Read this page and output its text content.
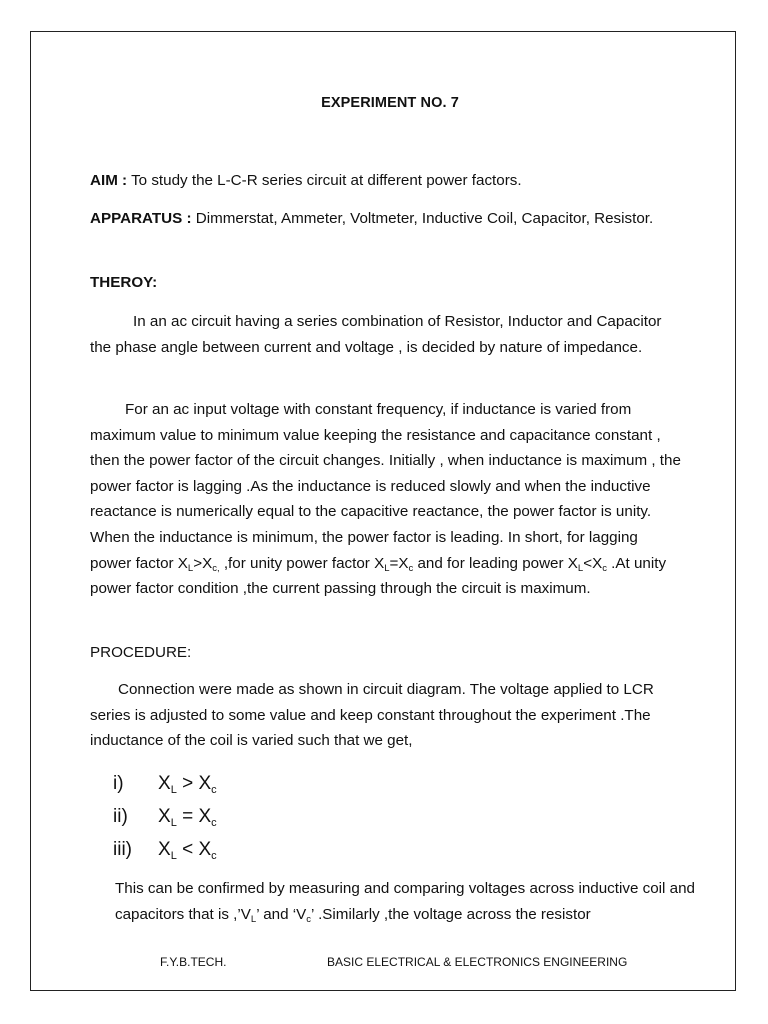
EXPERIMENT NO. 7
AIM : To study the L-C-R series circuit at different power factors.
APPARATUS : Dimmerstat, Ammeter, Voltmeter, Inductive Coil, Capacitor, Resistor.
THEROY:
In an ac circuit having a series combination of Resistor, Inductor and Capacitor the phase angle between current and voltage , is decided by nature of impedance.
For an ac input voltage with constant frequency, if inductance is varied from maximum value to minimum value keeping the resistance and capacitance constant , then the power factor of the circuit changes. Initially , when inductance is maximum , the power factor is lagging .As the inductance is reduced slowly and when the inductive reactance is numerically equal to the capacitive reactance, the power factor is unity. When the inductance is minimum, the power factor is leading. In short, for lagging power factor $X_L>X_{c,}$ ,for unity power factor $X_L=X_c$ and for leading power $X_L<X_c$ .At unity power factor condition ,the current passing through the circuit is maximum.
PROCEDURE:
Connection were made as shown in circuit diagram. The voltage applied to LCR series is adjusted to some value and keep constant throughout the experiment .The inductance of the coil is varied such that we get,
i)	$X_L > X_c$
ii)	$X_L = X_c$
iii)	$X_L < X_c$
This can be confirmed by measuring and comparing voltages across inductive coil and capacitors that is $,’V_L$’ and ‘$V_c$’ .Similarly ,the voltage across the resistor
F.Y.B.TECH.	BASIC ELECTRICAL & ELECTRONICS ENGINEERING
